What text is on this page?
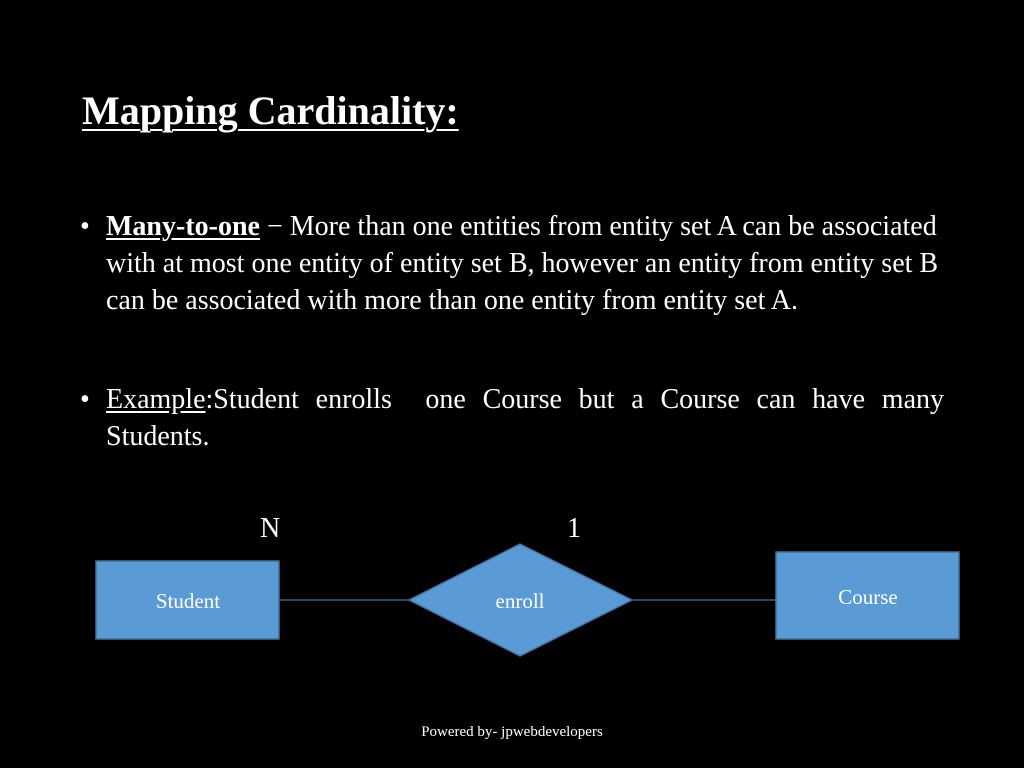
Mapping Cardinality:
• Many-to-one − More than one entities from entity set A can be associated with at most one entity of entity set B, however an entity from entity set B can be associated with more than one entity from entity set A.
• Example:Student enrolls  one Course but a Course can have many Students.
N	1
Student	enroll	Course
Powered by- jpwebdevelopers
